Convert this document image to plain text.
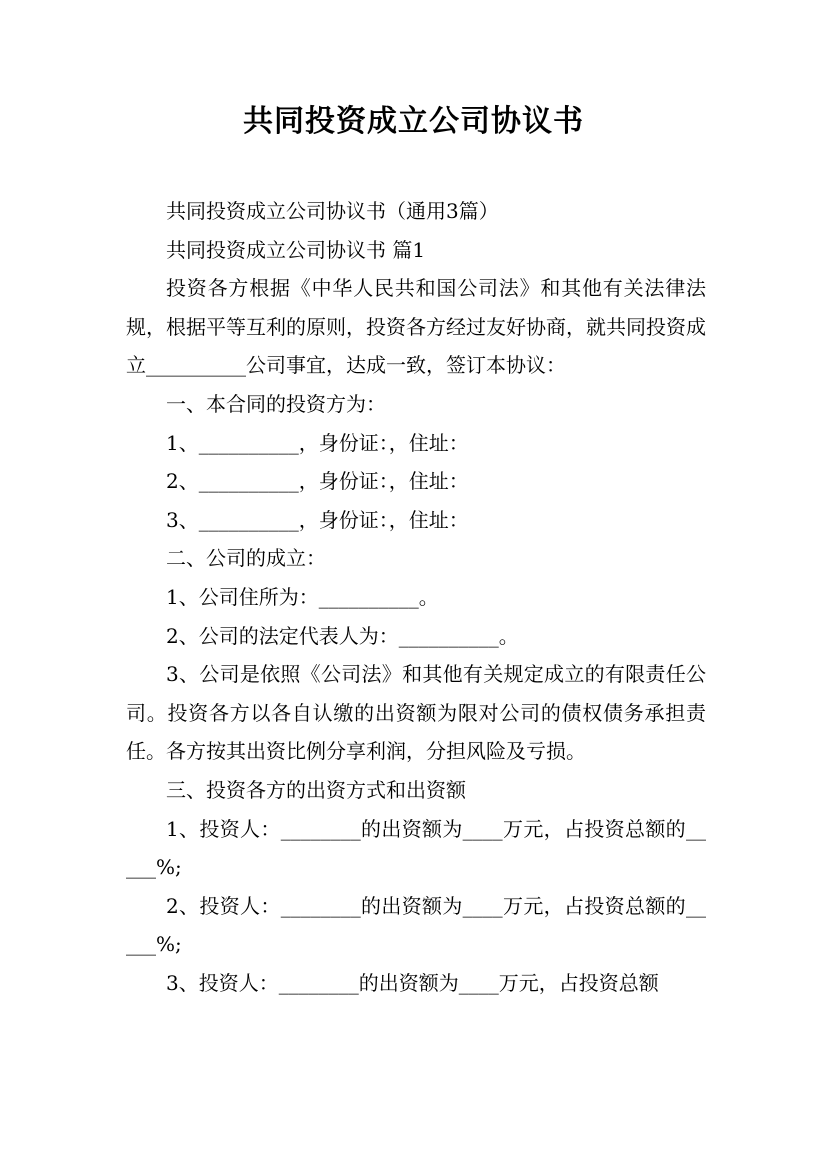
共同投资成立公司协议书

共同投资成立公司协议书（通用3篇）

共同投资成立公司协议书 篇1

投资各方根据《中华人民共和国公司法》和其他有关法律法规，根据平等互利的原则，投资各方经过友好协商，就共同投资成立__________公司事宜，达成一致，签订本协议：

一、本合同的投资方为：

1、__________，身份证：，住址：

2、__________，身份证：，住址：

3、__________，身份证：，住址：

二、公司的成立：

1、公司住所为：__________。

2、公司的法定代表人为：__________。

3、公司是依照《公司法》和其他有关规定成立的有限责任公司。投资各方以各自认缴的出资额为限对公司的债权债务承担责任。各方按其出资比例分享利润，分担风险及亏损。

三、投资各方的出资方式和出资额

1、投资人：________的出资额为____万元，占投资总额的_____%;

2、投资人：________的出资额为____万元，占投资总额的_____%;

3、投资人：________的出资额为____万元，占投资总额
